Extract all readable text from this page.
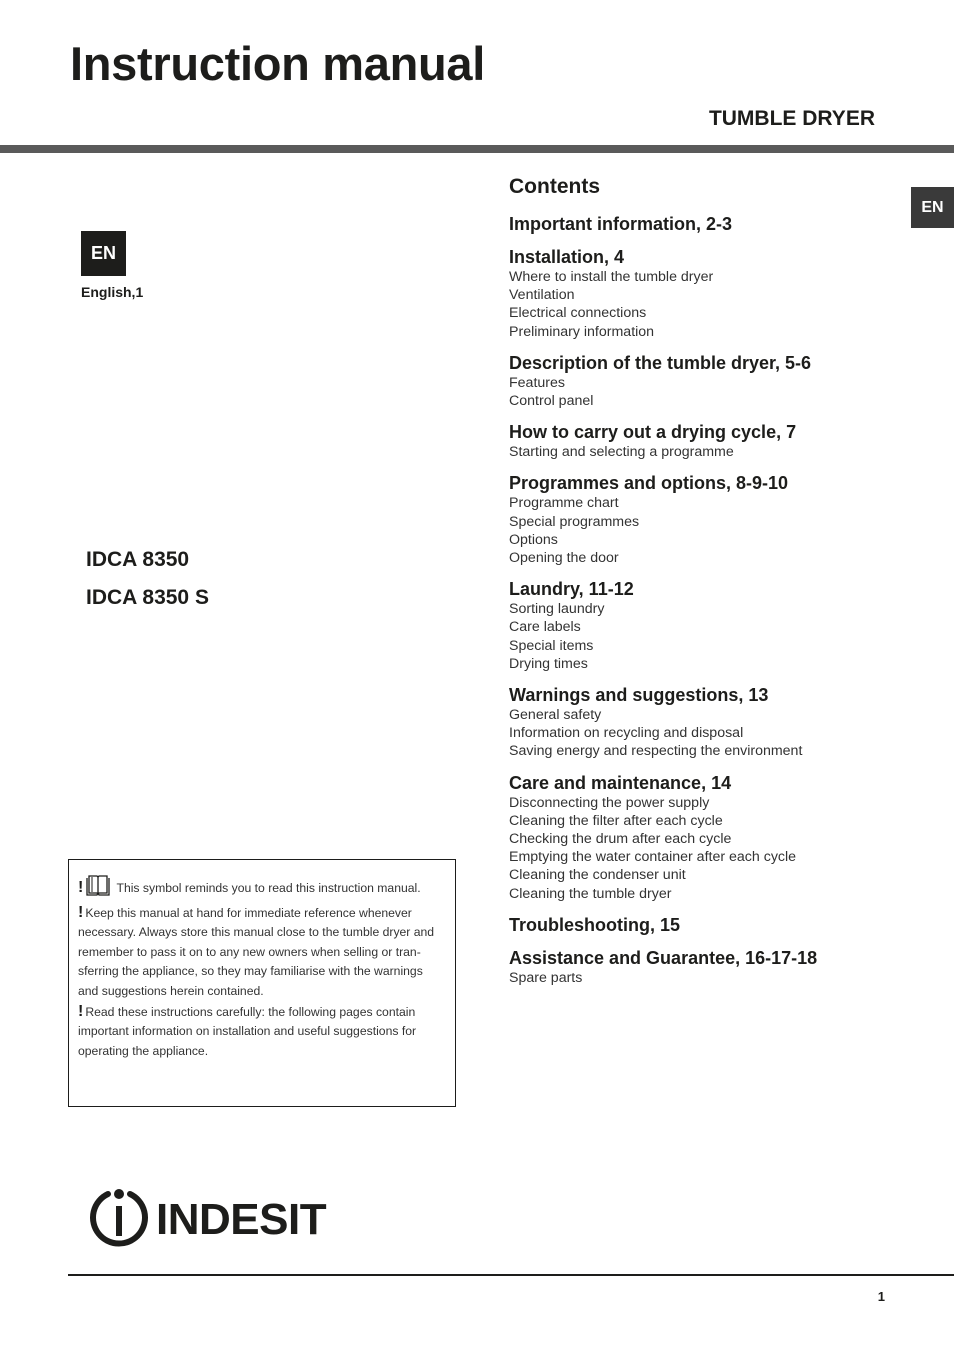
Instruction manual
TUMBLE DRYER
EN
EN
English,1
IDCA 8350
IDCA 8350 S
Contents
Important information, 2-3
Installation, 4
Where to install the tumble dryer
Ventilation
Electrical connections
Preliminary information
Description of the tumble dryer, 5-6
Features
Control panel
How to carry out a drying cycle, 7
Starting and selecting a programme
Programmes and options, 8-9-10
Programme chart
Special programmes
Options
Opening the door
Laundry, 11-12
Sorting laundry
Care labels
Special items
Drying times
Warnings and suggestions, 13
General safety
Information on recycling and disposal
Saving energy and respecting the environment
Care and maintenance, 14
Disconnecting the power supply
Cleaning the filter after each cycle
Checking the drum after each cycle
Emptying the water container after each cycle
Cleaning the condenser unit
Cleaning the tumble dryer
Troubleshooting, 15
Assistance and Guarantee, 16-17-18
Spare parts

!	This symbol reminds you to read this instruction manual.

! Keep this manual at hand for immediate reference whenever necessary. Always store this manual close to the tumble dryer and remember to pass it on to any new owners when selling or tran-sferring the appliance, so they may familiarise with the warnings and suggestions herein contained.

! Read these instructions carefully: the following pages contain important information on installation and useful suggestions for operating the appliance.

INDESIT
1
